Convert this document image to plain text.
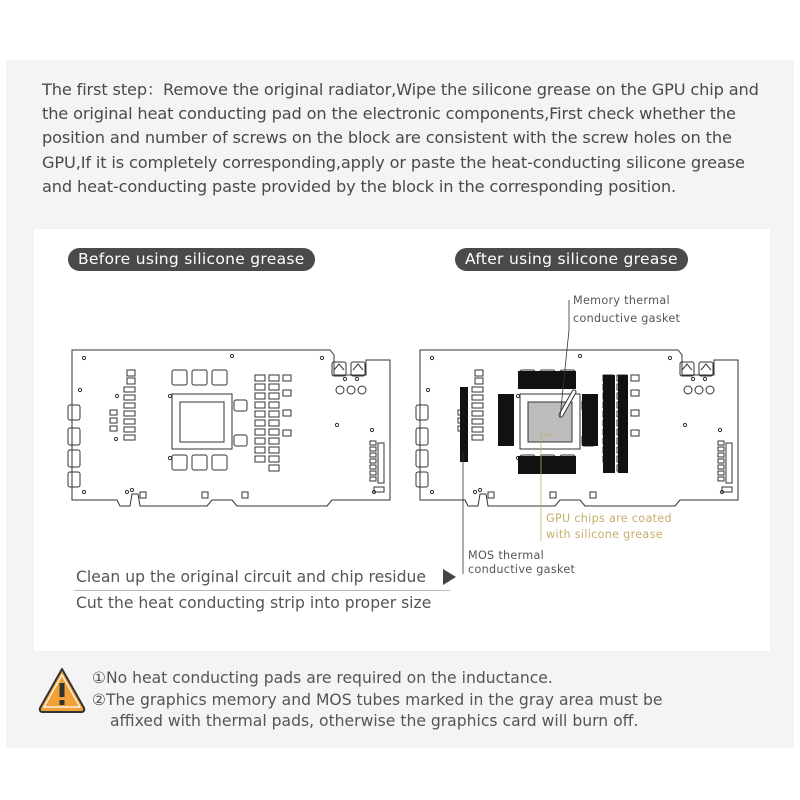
The first step：Remove the original radiator,Wipe the silicone grease on the GPU chip and the original heat conducting pad on the electronic components,First check whether the position and number of screws on the block are consistent with the screw holes on the GPU,If it is completely corresponding,apply or paste the heat-conducting silicone grease and heat-conducting paste provided by the block in the corresponding position.
Before using silicone grease	After using silicone grease
Memory thermal
conductive gasket
GPU chips are coated
with silicone grease
MOS thermal
conductive gasket
Clean up the original circuit and chip residue
Cut the heat conducting strip into proper size
①No heat conducting pads are required on the inductance.
②The graphics memory and MOS tubes marked in the gray area must be
affixed with thermal pads, otherwise the graphics card will burn off.
